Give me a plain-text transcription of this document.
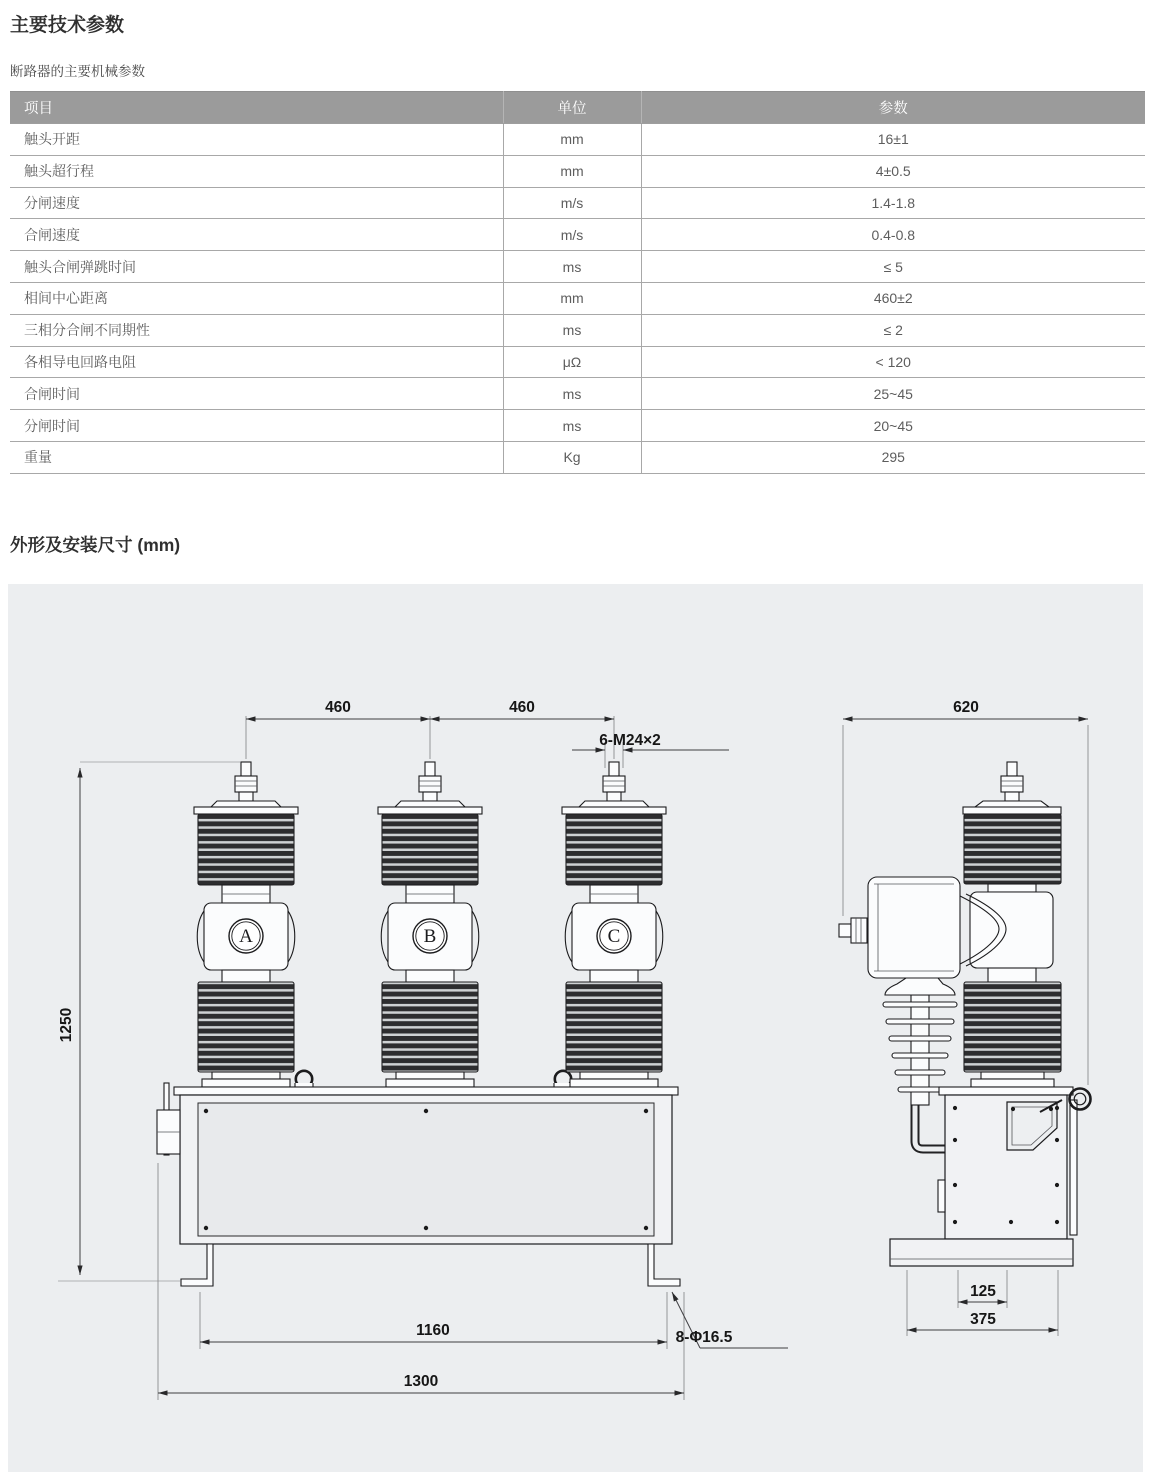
主要技术参数
断路器的主要机械参数
项目	单位	参数
触头开距	mm	16±1
触头超行程	mm	4±0.5
分闸速度	m/s	1.4-1.8
合闸速度	m/s	0.4-0.8
触头合闸弹跳时间	ms	≤ 5
相间中心距离	mm	460±2
三相分合闸不同期性	ms	≤ 2
各相导电回路电阻	μΩ	< 120
合闸时间	ms	25~45
分闸时间	ms	20~45
重量	Kg	295
外形及安装尺寸 (mm)
A	B	C
460	460
6-M24×2
620
1250
1160
1300
8-Φ16.5
125
375
